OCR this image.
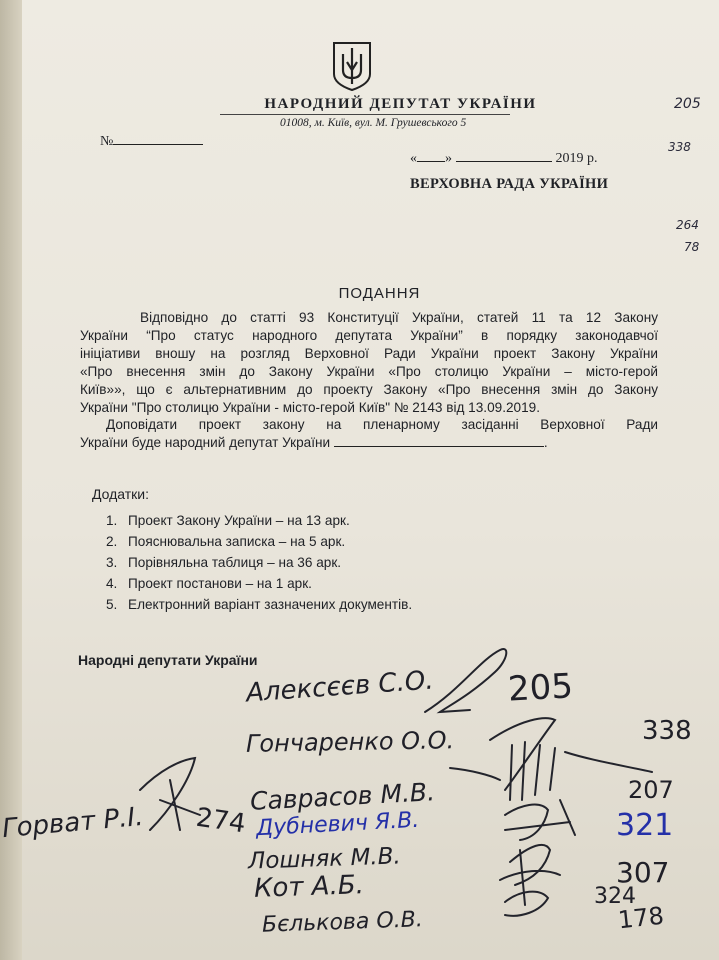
НАРОДНИЙ ДЕПУТАТ УКРАЇНИ
01008, м. Київ, вул. М. Грушевського 5
№
« »	2019 р.
ВЕРХОВНА РАДА УКРАЇНИ
ПОДАННЯ
Відповідно до статті 93 Конституції України, статей 11 та 12 Закону
України “Про статус народного депутата України” в порядку законодавчої
ініціативи вношу на розгляд Верховної Ради України проект Закону України
«Про внесення змін до Закону України «Про столицю України – місто-герой
Київ»», що є альтернативним до проекту Закону «Про внесення змін до Закону
України "Про столицю України - місто-герой Київ" № 2143 від 13.09.2019.
Доповідати проект закону на пленарному засіданні Верховної Ради
України буде народний депутат України	.
Додатки:
1. Проект Закону України – на 13 арк.
2. Пояснювальна записка – на 5 арк.
3. Порівняльна таблиця – на 36 арк.
4. Проект постанови – на 1 арк.
5. Електронний варіант зазначених документів.
Народні депутати України
Алексєєв С.О. 205
Гончаренко О.О.	338
Саврасов М.В.	207
Дубневич Я.В.	321
Горват Р.І. 274
Лошняк М.В.	307
Кот А.Б.	324
Бєлькова О.В.	178
205
338
264
78
